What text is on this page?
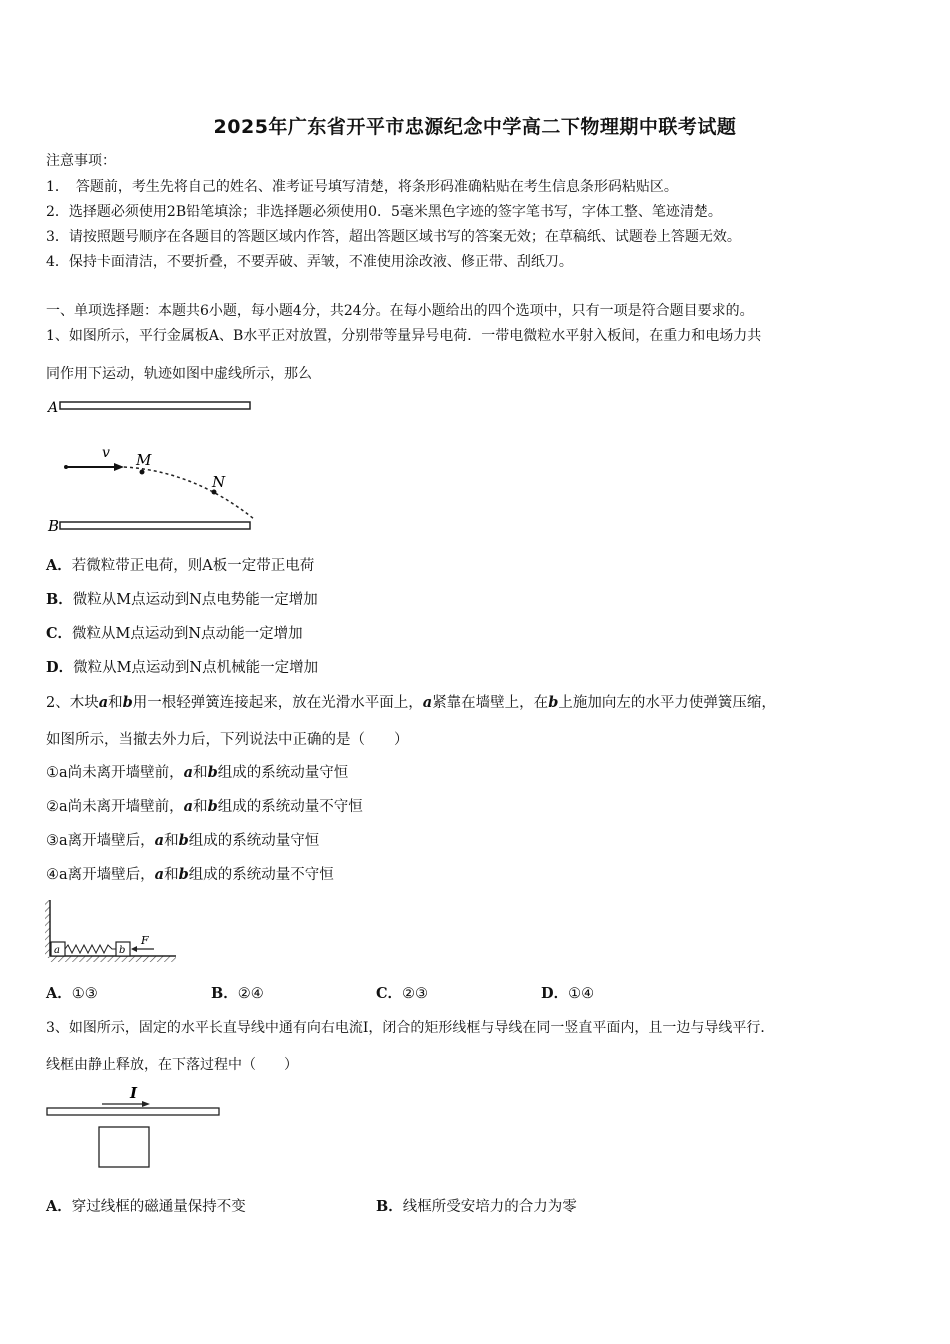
2025年广东省开平市忠源纪念中学高二下物理期中联考试题
注意事项：
1．　答题前，考生先将自己的姓名、准考证号填写清楚，将条形码准确粘贴在考生信息条形码粘贴区。
2．选择题必须使用2B铅笔填涂；非选择题必须使用0．5毫米黑色字迹的签字笔书写，字体工整、笔迹清楚。
3．请按照题号顺序在各题目的答题区域内作答，超出答题区域书写的答案无效；在草稿纸、试题卷上答题无效。
4．保持卡面清洁，不要折叠，不要弄破、弄皱，不准使用涂改液、修正带、刮纸刀。
一、单项选择题：本题共6小题，每小题4分，共24分。在每小题给出的四个选项中，只有一项是符合题目要求的。
1、如图所示，平行金属板A、B水平正对放置，分别带等量异号电荷．一带电微粒水平射入板间，在重力和电场力共
同作用下运动，轨迹如图中虚线所示，那么
A
v M
N
B
A．若微粒带正电荷，则A板一定带正电荷
B．微粒从M点运动到N点电势能一定增加
C．微粒从M点运动到N点动能一定增加
D．微粒从M点运动到N点机械能一定增加
2、木块a和b用一根轻弹簧连接起来，放在光滑水平面上，a紧靠在墙壁上，在b上施加向左的水平力使弹簧压缩，
如图所示，当撤去外力后，下列说法中正确的是（　　）
①a尚未离开墙壁前，a和b组成的系统动量守恒
②a尚未离开墙壁前，a和b组成的系统动量不守恒
③a离开墙壁后，a和b组成的系统动量守恒
④a离开墙壁后，a和b组成的系统动量不守恒
a	b
F
A．①③	B．②④	C．②③	D．①④
3、如图所示，固定的水平长直导线中通有向右电流I，闭合的矩形线框与导线在同一竖直平面内，且一边与导线平行．
线框由静止释放，在下落过程中（　　）
I
A．穿过线框的磁通量保持不变	B．线框所受安培力的合力为零
